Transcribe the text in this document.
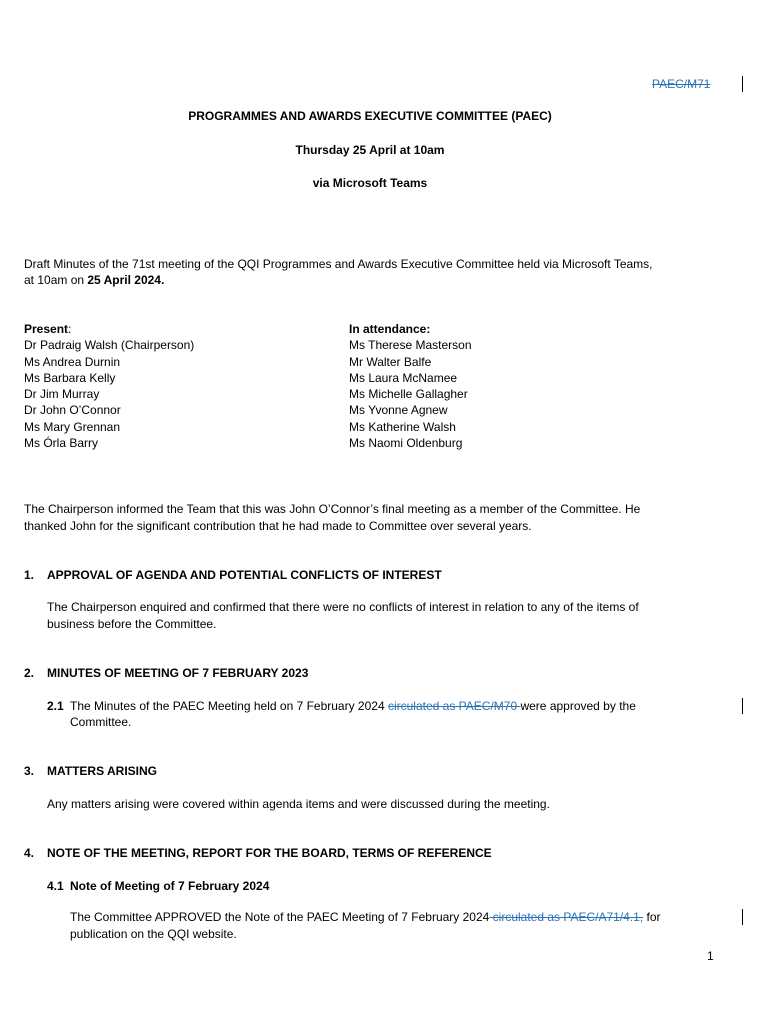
PAEC/M71
PROGRAMMES AND AWARDS EXECUTIVE COMMITTEE (PAEC)
Thursday 25 April at 10am
via Microsoft Teams
Draft Minutes of the 71st meeting of the QQI Programmes and Awards Executive Committee held via Microsoft Teams,
at 10am on 25 April 2024.
Present:
Dr Padraig Walsh (Chairperson)
Ms Andrea Durnin
Ms Barbara Kelly
Dr Jim Murray
Dr John O’Connor
Ms Mary Grennan
Ms Órla Barry
In attendance:
Ms Therese Masterson
Mr Walter Balfe
Ms Laura McNamee
Ms Michelle Gallagher
Ms Yvonne Agnew
Ms Katherine Walsh
Ms Naomi Oldenburg
The Chairperson informed the Team that this was John O’Connor’s final meeting as a member of the Committee. He
thanked John for the significant contribution that he had made to Committee over several years.
1. APPROVAL OF AGENDA AND POTENTIAL CONFLICTS OF INTEREST
The Chairperson enquired and confirmed that there were no conflicts of interest in relation to any of the items of
business before the Committee.
2. MINUTES OF MEETING OF 7 FEBRUARY 2023
2.1 The Minutes of the PAEC Meeting held on 7 February 2024 circulated as PAEC/M70 were approved by the
Committee.
3. MATTERS ARISING
Any matters arising were covered within agenda items and were discussed during the meeting.
4. NOTE OF THE MEETING, REPORT FOR THE BOARD, TERMS OF REFERENCE
4.1 Note of Meeting of 7 February 2024
The Committee APPROVED the Note of the PAEC Meeting of 7 February 2024 circulated as PAEC/A71/4.1, for
publication on the QQI website.
1
